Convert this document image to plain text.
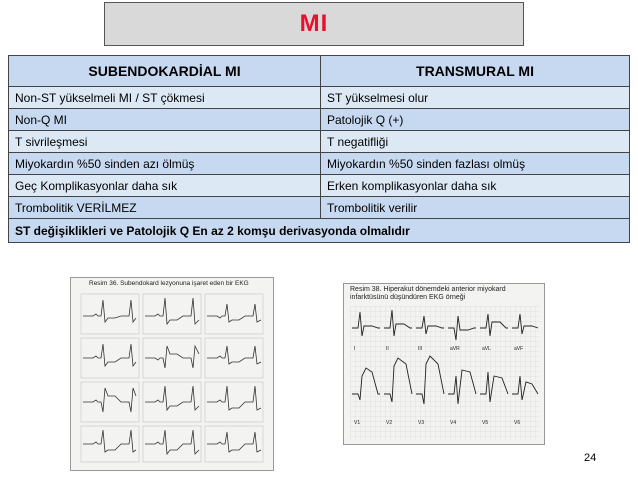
MI
SUBENDOKARDİAL MI	TRANSMURAL MI
Non-ST yükselmeli MI / ST çökmesi	ST yükselmesi olur
Non-Q MI	Patolojik Q (+)
T sivrileşmesi	T negatifliği
Miyokardın %50 sinden azı ölmüş	Miyokardın %50 sinden fazlası olmüş
Geç Komplikasyonlar daha sık	Erken komplikasyonlar daha sık
Trombolitik VERİLMEZ	Trombolitik verilir
ST değişiklikleri ve Patolojik Q En az 2 komşu derivasyonda olmalıdır	
Resim 36. Subendokard lezyonuna işaret eden bir EKG
Resim 38. Hiperakut dönemdeki anterior miyokard infarktüsünü düşündüren EKG örneği
I	II	III	aVR	aVL	aVF
V1	V2	V3	V4	V5	V6
24
